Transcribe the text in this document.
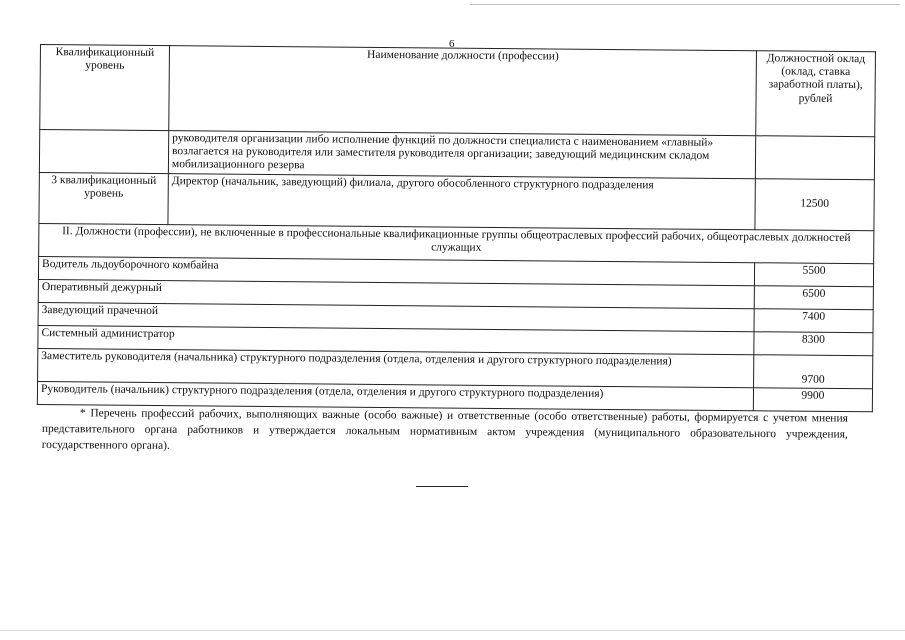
6
Квалификационный уровень	Наименование должности (профессии)	Должностной оклад (оклад, ставка заработной платы), рублей
	руководителя организации либо исполнение функций по должности специалиста с наименованием «главный» возлагается на руководителя или заместителя руководителя организации; заведующий медицинским складом мобилизационного резерва	
3 квалификационный уровень	Директор (начальник, заведующий) филиала, другого обособленного структурного подразделения	12500
II. Должности (профессии), не включенные в профессиональные квалификационные группы общеотраслевых профессий рабочих, общеотраслевых должностей служащих		
Водитель льдоуборочного комбайна		5500
Оперативный дежурный		6500
Заведующий прачечной		7400
Системный администратор		8300
Заместитель руководителя (начальника) структурного подразделения (отдела, отделения и другого структурного подразделения)		9700
Руководитель (начальник) структурного подразделения (отдела, отделения и другого структурного подразделения)		9900
* Перечень профессий рабочих, выполняющих важные (особо важные) и ответственные (особо ответственные) работы, формируется с учетом мнения представительного органа работников и утверждается локальным нормативным актом учреждения (муниципального образовательного учреждения, государственного органа).
